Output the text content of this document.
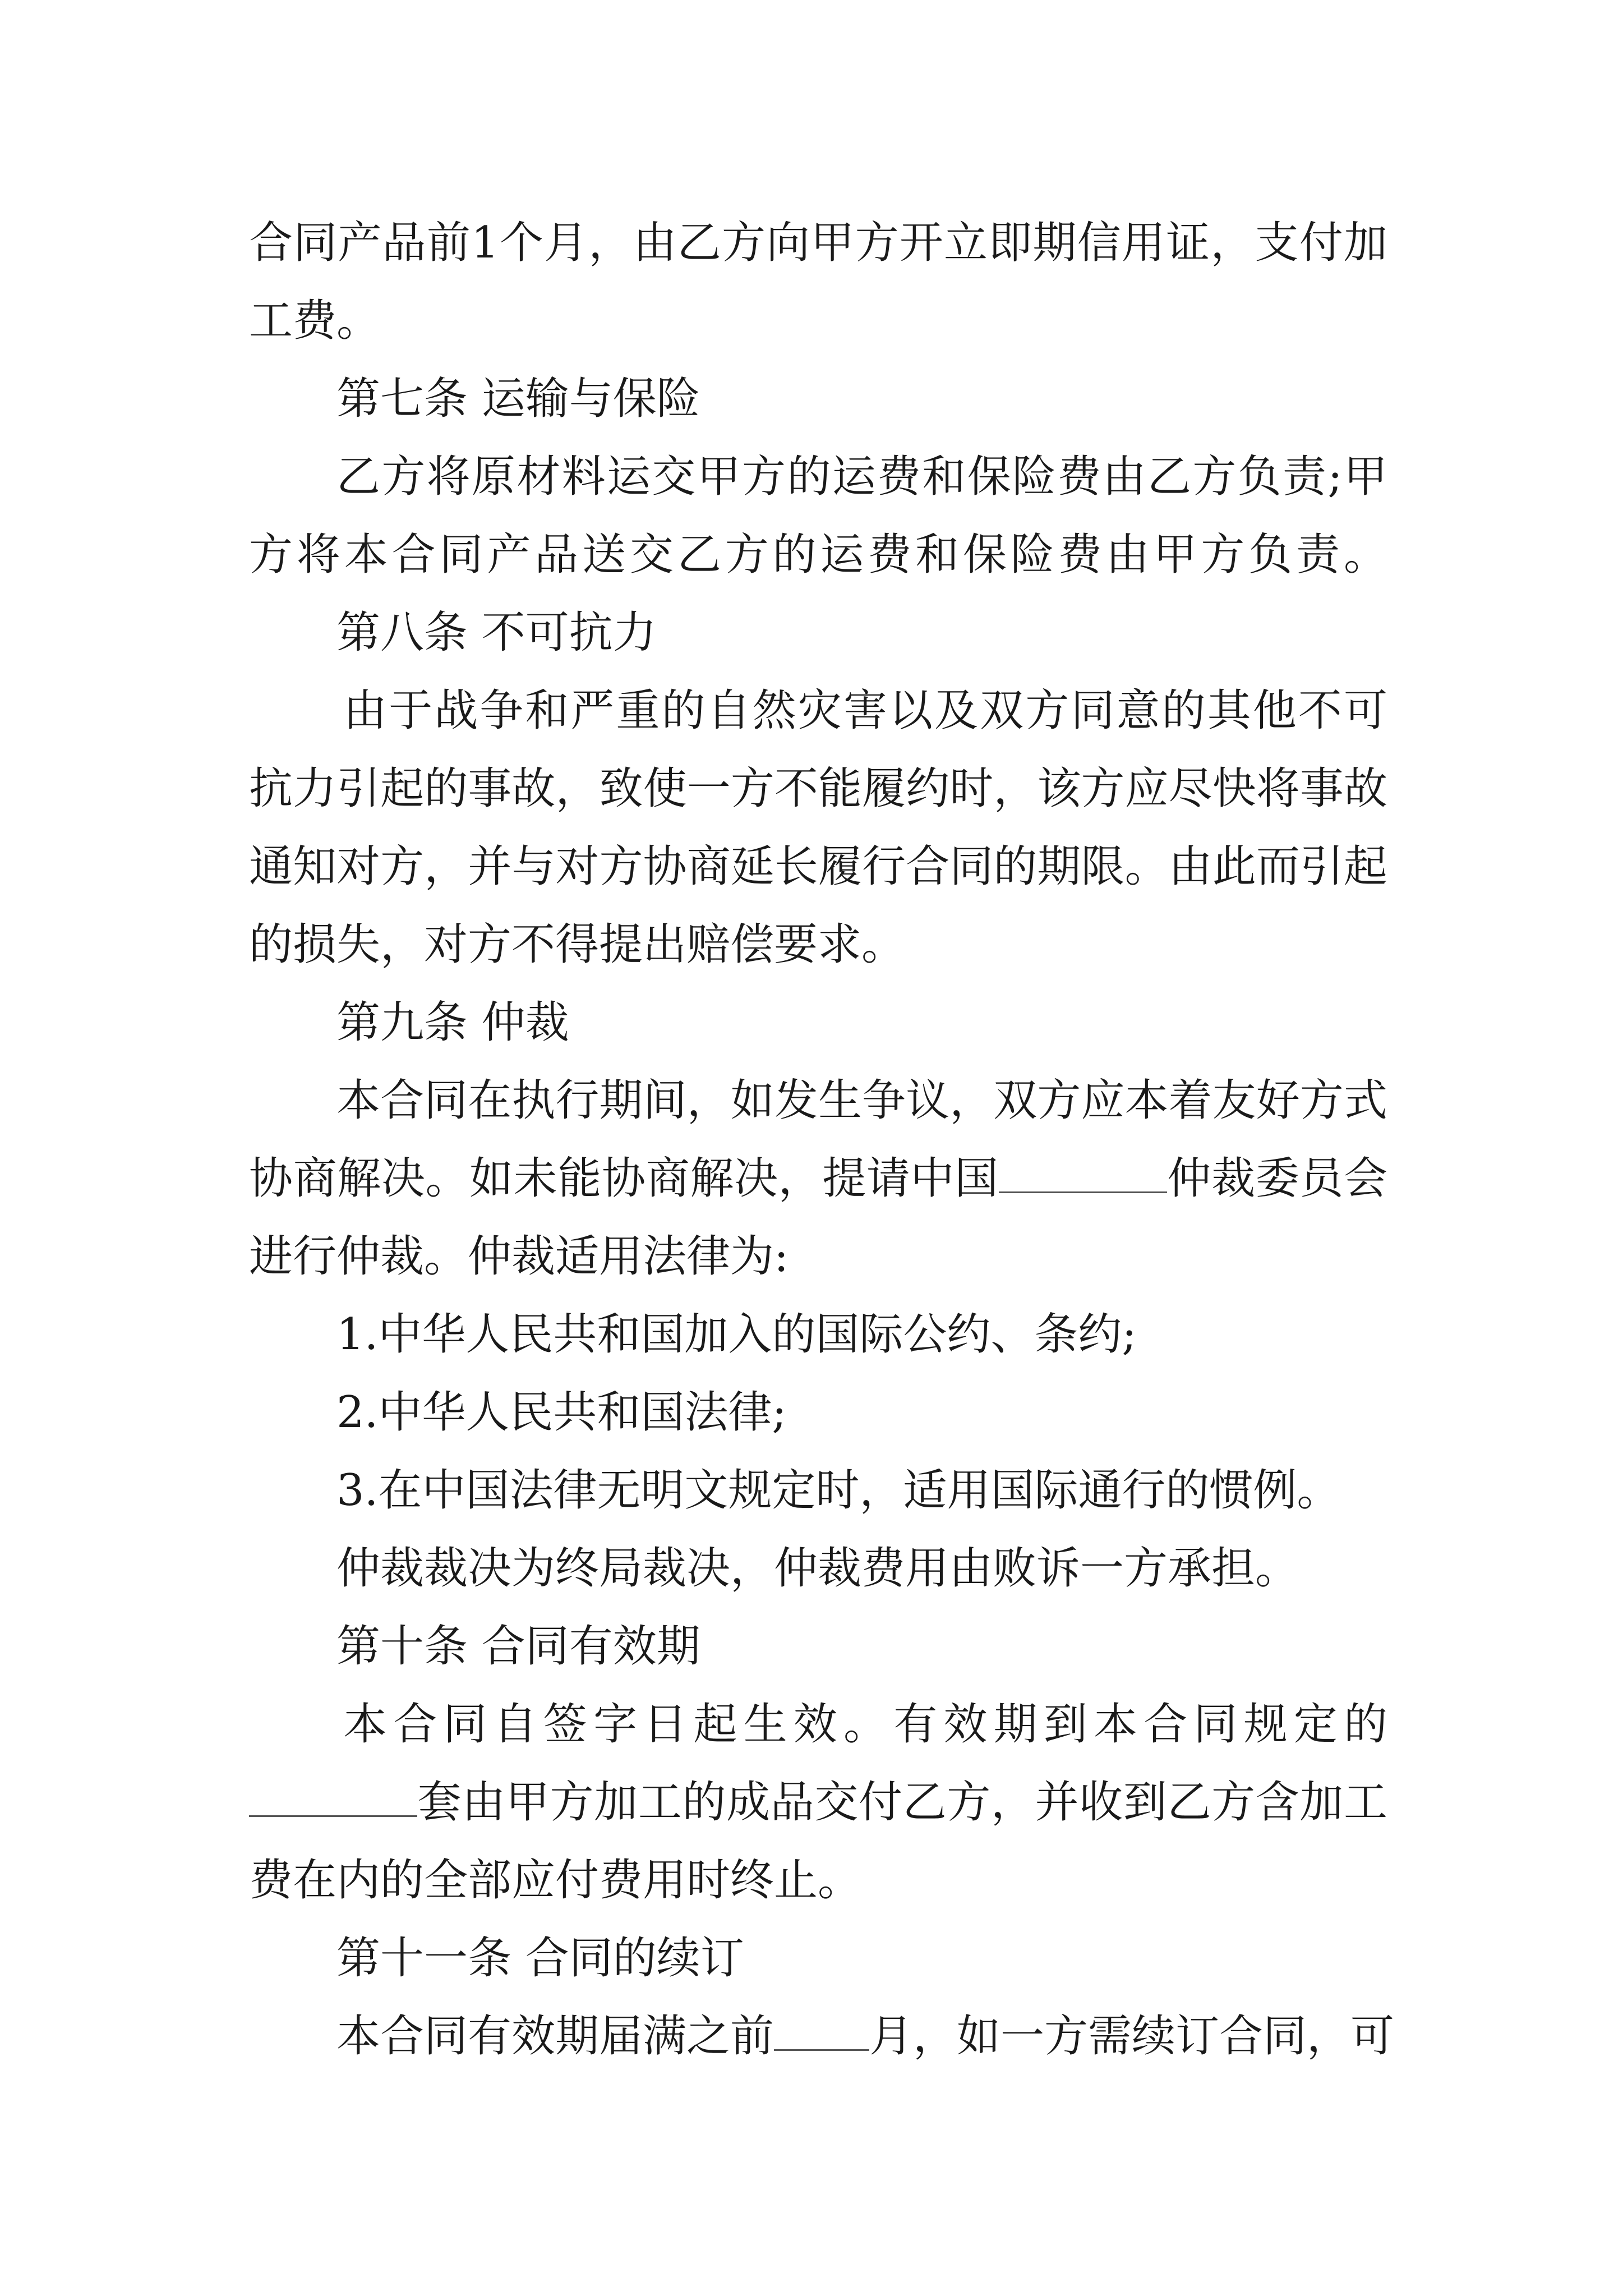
合同产品前1个月，由乙方向甲方开立即期信用证，支付加

工费。

第七条 运输与保险

乙方将原材料运交甲方的运费和保险费由乙方负责;甲

方将本合同产品送交乙方的运费和保险费由甲方负责。

第八条 不可抗力

由于战争和严重的自然灾害以及双方同意的其他不可

抗力引起的事故，致使一方不能履约时，该方应尽快将事故

通知对方，并与对方协商延长履行合同的期限。由此而引起

的损失，对方不得提出赔偿要求。

第九条 仲裁

本合同在执行期间，如发生争议，双方应本着友好方式

协商解决。如未能协商解决，提请中国	仲裁委员会

进行仲裁。仲裁适用法律为:

1.中华人民共和国加入的国际公约、条约;

2.中华人民共和国法律;

3.在中国法律无明文规定时，适用国际通行的惯例。

仲裁裁决为终局裁决，仲裁费用由败诉一方承担。

第十条 合同有效期

本合同自签字日起生效。有效期到本合同规定的

套由甲方加工的成品交付乙方，并收到乙方含加工

费在内的全部应付费用时终止。

第十一条 合同的续订

本合同有效期届满之前 月，如一方需续订合同，可
